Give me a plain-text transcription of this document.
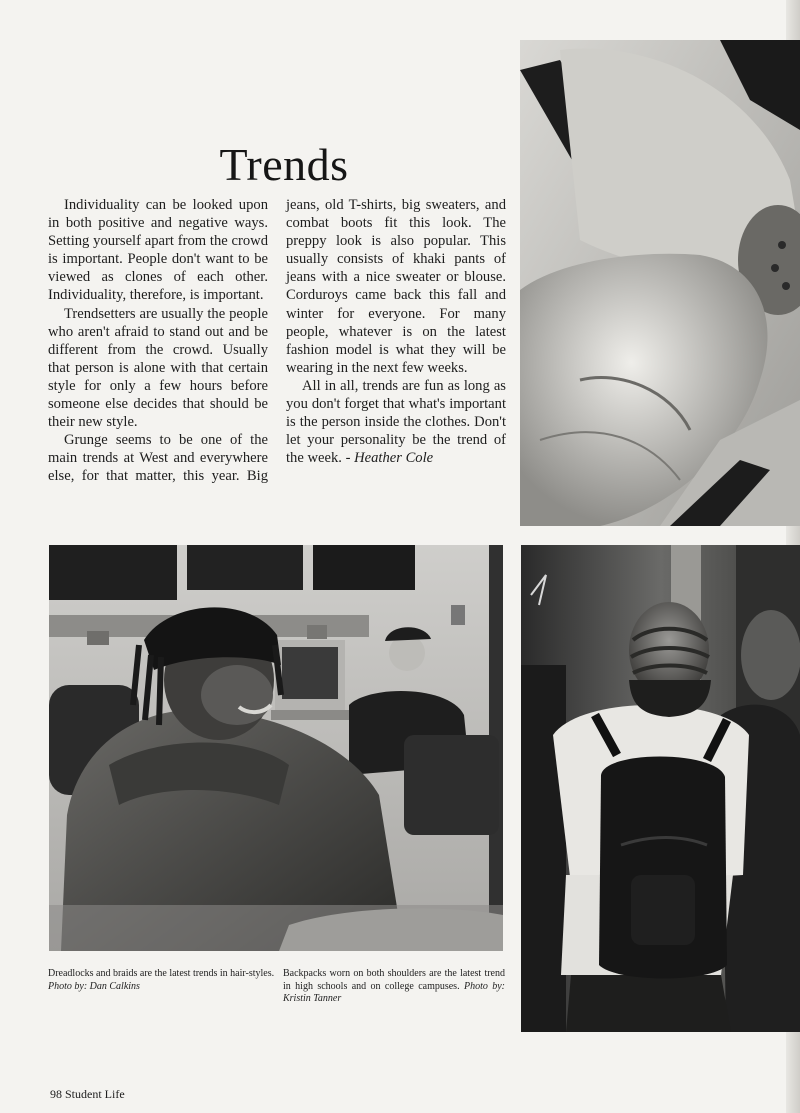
Trends

Individuality can be looked upon in both positive and negative ways. Setting yourself apart from the crowd is important. People don't want to be viewed as clones of each other. Individuality, therefore, is important.

Trendsetters are usually the people who aren't afraid to stand out and be different from the crowd. Usually that person is alone with that certain style for only a few hours before someone else decides that should be their new style.

Grunge seems to be one of the main trends at West and everywhere else, for that matter, this year. Big jeans, old T-shirts, big sweaters, and combat boots fit this look. The preppy look is also popular. This usually consists of khaki pants of jeans with a nice sweater or blouse. Corduroys came back this fall and winter for everyone. For many people, whatever is on the latest fashion model is what they will be wearing in the next few weeks.

All in all, trends are fun as long as you don't forget that what's important is the person inside the clothes. Don't let your personality be the trend of the week. - Heather Cole

Dreadlocks and braids are the latest trends in hair-styles. Photo by: Dan Calkins
Backpacks worn on both shoulders are the latest trend in high schools and on college campuses. Photo by: Kristin Tanner
98 Student Life
